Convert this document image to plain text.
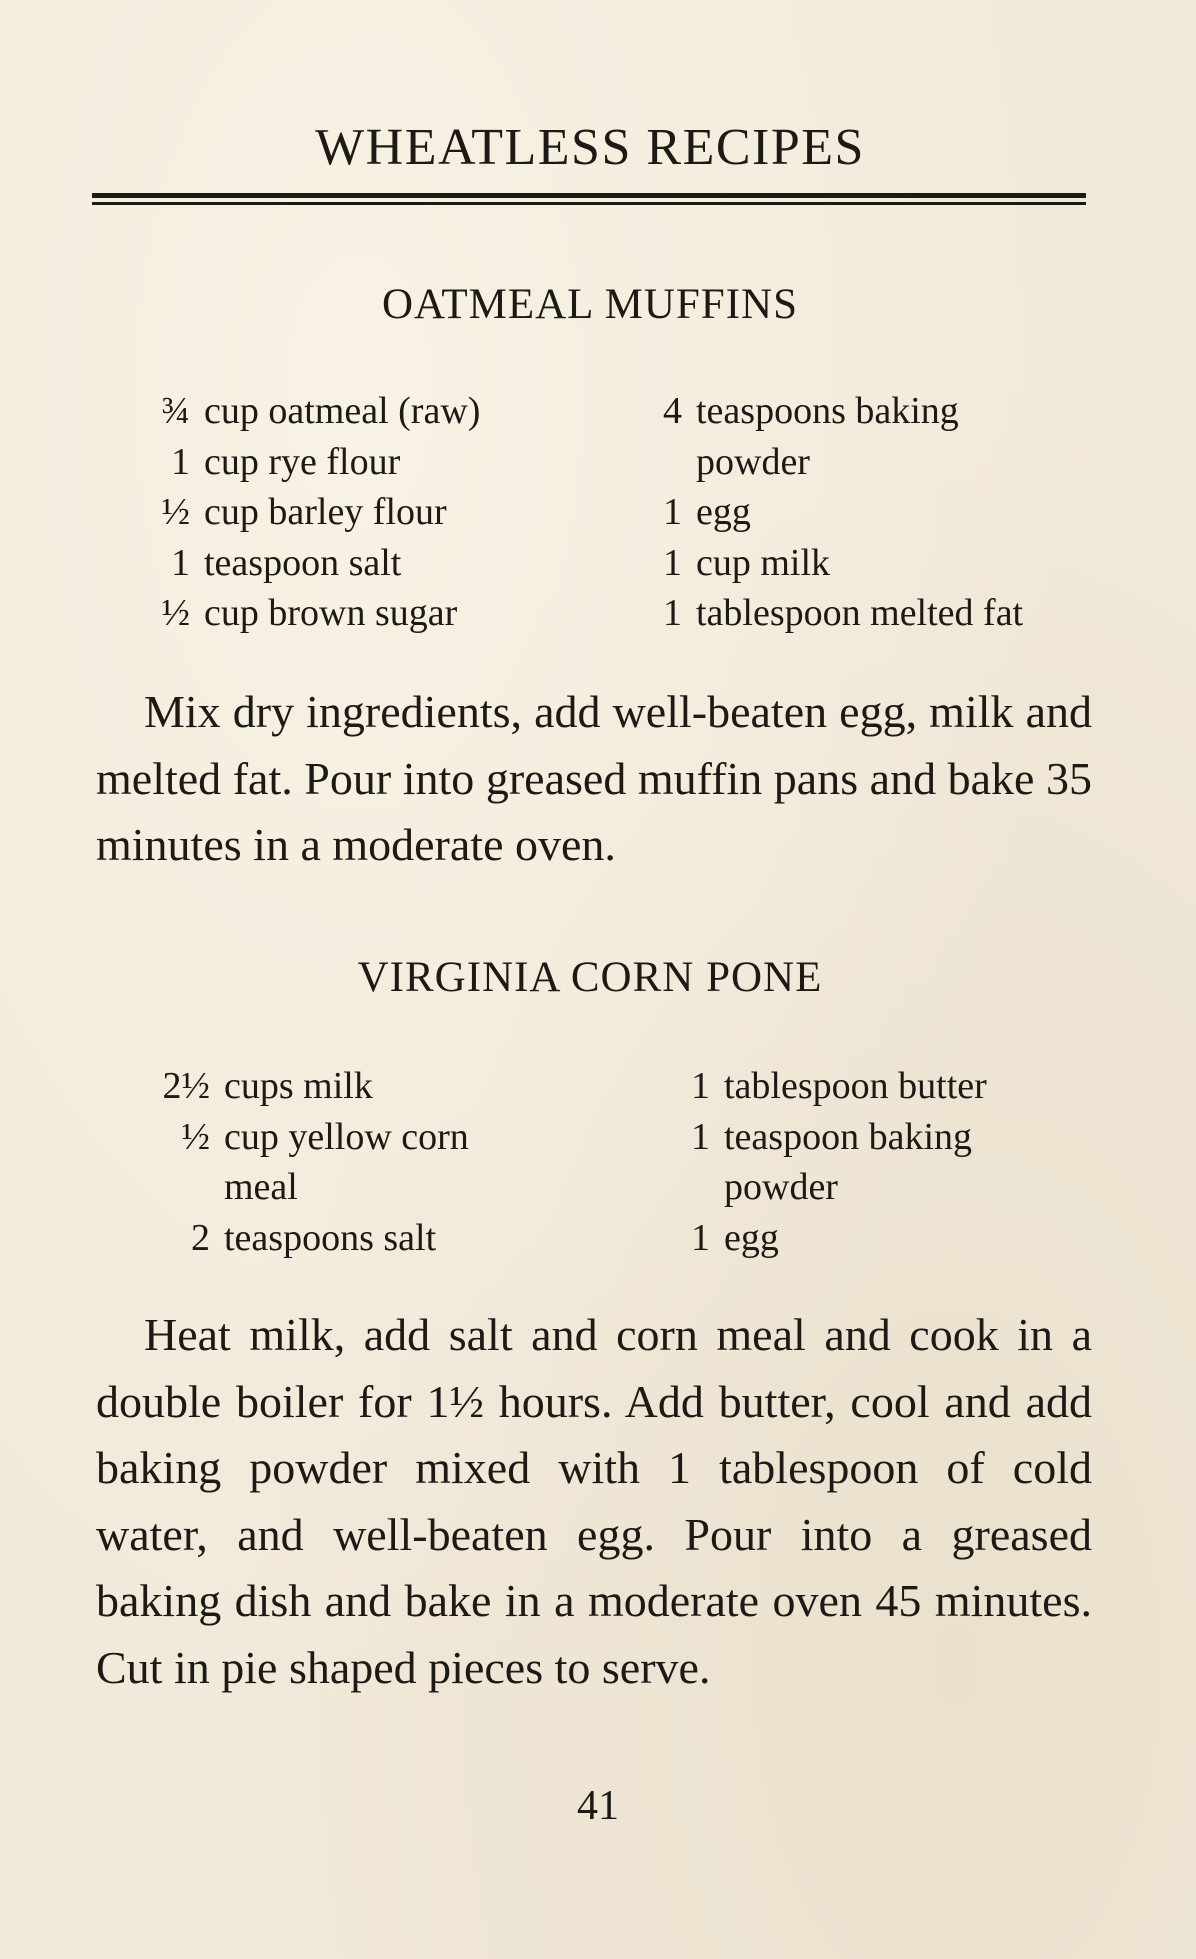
WHEATLESS RECIPES
OATMEAL MUFFINS
¾ cup oatmeal (raw)
1 cup rye flour
½ cup barley flour
1 teaspoon salt
½ cup brown sugar
4 teaspoons baking
powder
1 egg
1 cup milk
1 tablespoon melted fat

Mix dry ingredients, add well-beaten egg, milk and melted fat. Pour into greased muffin pans and bake 35 minutes in a moderate oven.

VIRGINIA CORN PONE
2½ cups milk
½ cup yellow corn
meal
2 teaspoons salt
1 tablespoon butter
1 teaspoon baking
powder
1 egg

Heat milk, add salt and corn meal and cook in a double boiler for 1½ hours. Add butter, cool and add baking powder mixed with 1 tablespoon of cold water, and well-beaten egg. Pour into a greased baking dish and bake in a moderate oven 45 minutes. Cut in pie shaped pieces to serve.

41
